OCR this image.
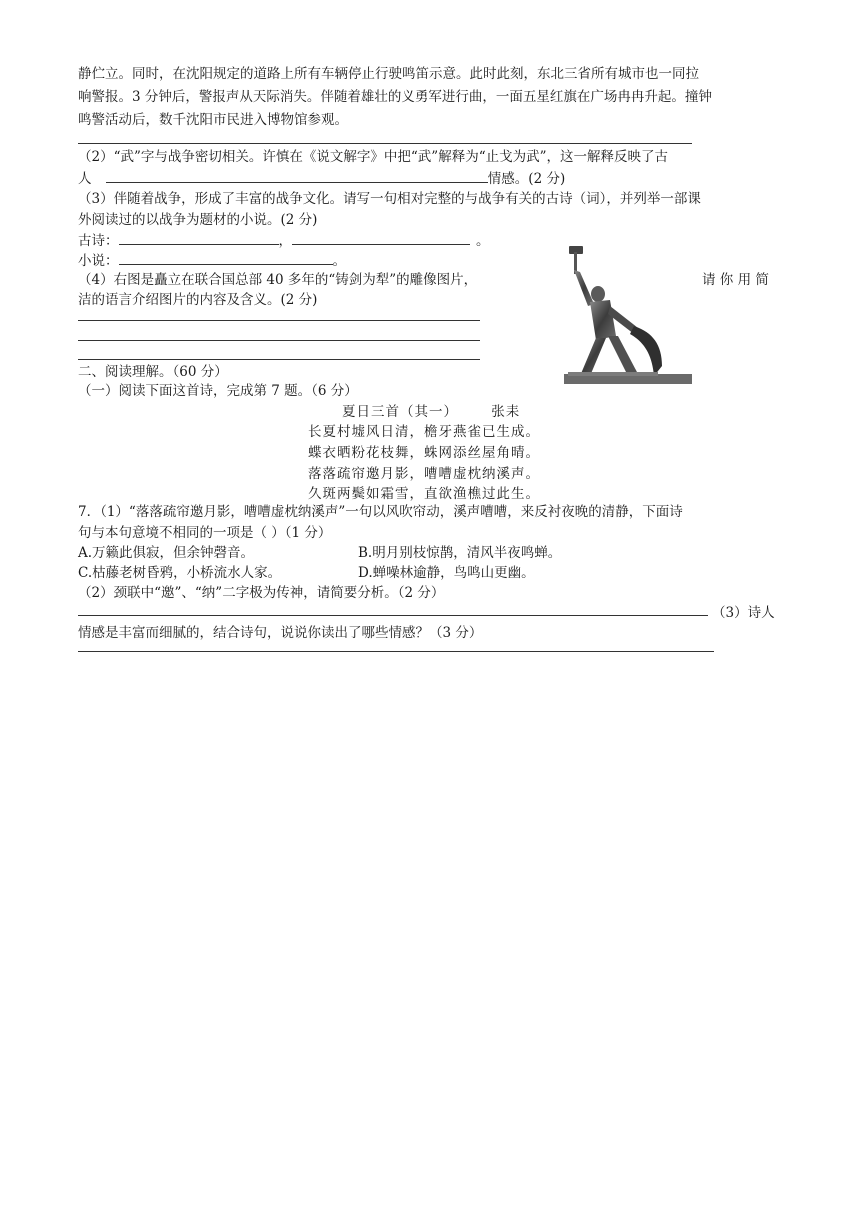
静伫立。同时，在沈阳规定的道路上所有车辆停止行驶鸣笛示意。此时此刻，东北三省所有城市也一同拉
响警报。3 分钟后，警报声从天际消失。伴随着雄壮的义勇军进行曲，一面五星红旗在广场冉冉升起。撞钟
鸣警活动后，数千沈阳市民进入博物馆参观。
（2）“武”字与战争密切相关。许慎在《说文解字》中把“武”解释为“止戈为武”，这一解释反映了古
人	情感。(2 分)
（3）伴随着战争，形成了丰富的战争文化。请写一句相对完整的与战争有关的古诗（词），并列举一部课
外阅读过的以战争为题材的小说。(2 分)
古诗：	，	。
小说：	。
（4）右图是矗立在联合国总部 40 多年的“铸剑为犁”的雕像图片，	请 你 用 简
洁的语言介绍图片的内容及含义。(2 分)
二、阅读理解。（60 分）
（一）阅读下面这首诗，完成第 7 题。（6 分）
夏日三首（其一） 张耒
长夏村墟风日清，檐牙燕雀已生成。
蝶衣晒粉花枝舞，蛛网添丝屋角晴。
落落疏帘邀月影，嘈嘈虚枕纳溪声。
久斑两鬓如霜雪，直欲渔樵过此生。
7．（1）“落落疏帘邀月影，嘈嘈虚枕纳溪声”一句以风吹帘动，溪声嘈嘈，来反衬夜晚的清静，下面诗
句与本句意境不相同的一项是（ ）（1 分）
A.万籁此俱寂，但余钟磬音。	B.明月别枝惊鹊，清风半夜鸣蝉。
C.枯藤老树昏鸦，小桥流水人家。	D.蝉噪林逾静，鸟鸣山更幽。
（2）颈联中“邀”、“纳”二字极为传神，请简要分析。（2 分）
（3）诗人
情感是丰富而细腻的，结合诗句，说说你读出了哪些情感？（3 分）
